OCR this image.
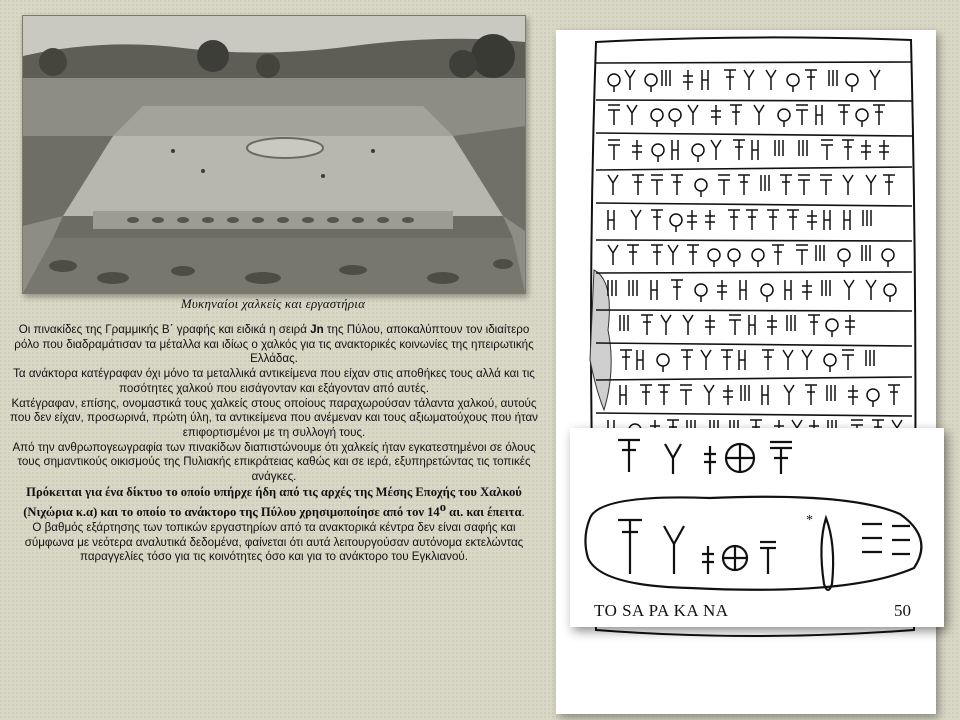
Μυκηναίοι χαλκείς και εργαστήρια

Οι πινακίδες της Γραμμικής Β΄ γραφής και ειδικά η σειρά Jn της Πύλου, αποκαλύπτουν τον ιδιαίτερο ρόλο που διαδραμάτισαν τα μέταλλα και ιδίως ο χαλκός για τις ανακτορικές κοινωνίες της ηπειρωτικής Ελλάδας.

Τα ανάκτορα κατέγραφαν όχι μόνο τα μεταλλικά αντικείμενα που είχαν στις αποθήκες τους αλλά και τις ποσότητες χαλκού που εισάγονταν και εξάγονταν από αυτές.

Κατέγραφαν, επίσης, ονομαστικά τους χαλκείς στους οποίους παραχωρούσαν τάλαντα χαλκού, αυτούς που δεν είχαν, προσωρινά, πρώτη ύλη, τα αντικείμενα που ανέμεναν και τους αξιωματούχους που ήταν επιφορτισμένοι με τη συλλογή τους.

Από την ανθρωπογεωγραφία των πινακίδων διαπιστώνουμε ότι χαλκείς ήταν εγκατεστημένοι σε όλους τους σημαντικούς οικισμούς της Πυλιακής επικράτειας καθώς και σε ιερά, εξυπηρετώντας τις τοπικές ανάγκες.

Πρόκειται για ένα δίκτυο το οποίο υπήρχε ήδη από τις αρχές της Μέσης Εποχής του Χαλκού (Νιχώρια κ.α) και το οποίο το ανάκτορο της Πύλου χρησιμοποίησε από τον $14^o$ αι. και έπειτα.

Ο βαθμός εξάρτησης των τοπικών εργαστηρίων από τα ανακτορικά κέντρα δεν είναι σαφής και σύμφωνα με νεότερα αναλυτικά δεδομένα, φαίνεται ότι αυτά λειτουργούσαν αυτόνομα εκτελώντας παραγγελίες τόσο για τις κοινότητες όσο και για το ανάκτορο του Εγκλιανού.

*
TO SA PA KA NA	50
